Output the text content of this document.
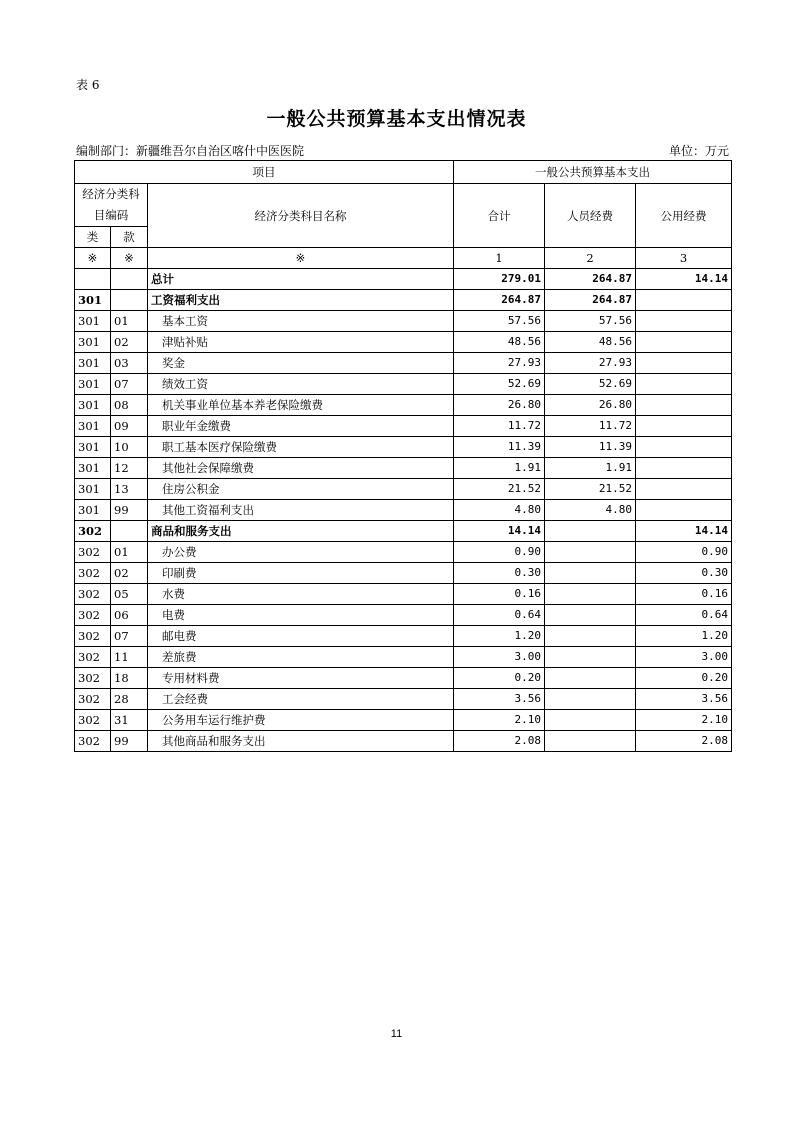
表 6
一般公共预算基本支出情况表
编制部门：新疆维吾尔自治区喀什中医医院	单位：万元
项目			一般公共预算基本支出		
经济分类科目编码		经济分类科目名称	合计	人员经费	公用经费
类	款				
※	※	※	1	2	3
		总计	279.01	264.87	14.14
301		工资福利支出	264.87	264.87	
301	01	基本工资	57.56	57.56	
301	02	津贴补贴	48.56	48.56	
301	03	奖金	27.93	27.93	
301	07	绩效工资	52.69	52.69	
301	08	机关事业单位基本养老保险缴费	26.80	26.80	
301	09	职业年金缴费	11.72	11.72	
301	10	职工基本医疗保险缴费	11.39	11.39	
301	12	其他社会保障缴费	1.91	1.91	
301	13	住房公积金	21.52	21.52	
301	99	其他工资福利支出	4.80	4.80	
302		商品和服务支出	14.14		14.14
302	01	办公费	0.90		0.90
302	02	印刷费	0.30		0.30
302	05	水费	0.16		0.16
302	06	电费	0.64		0.64
302	07	邮电费	1.20		1.20
302	11	差旅费	3.00		3.00
302	18	专用材料费	0.20		0.20
302	28	工会经费	3.56		3.56
302	31	公务用车运行维护费	2.10		2.10
302	99	其他商品和服务支出	2.08		2.08
11
